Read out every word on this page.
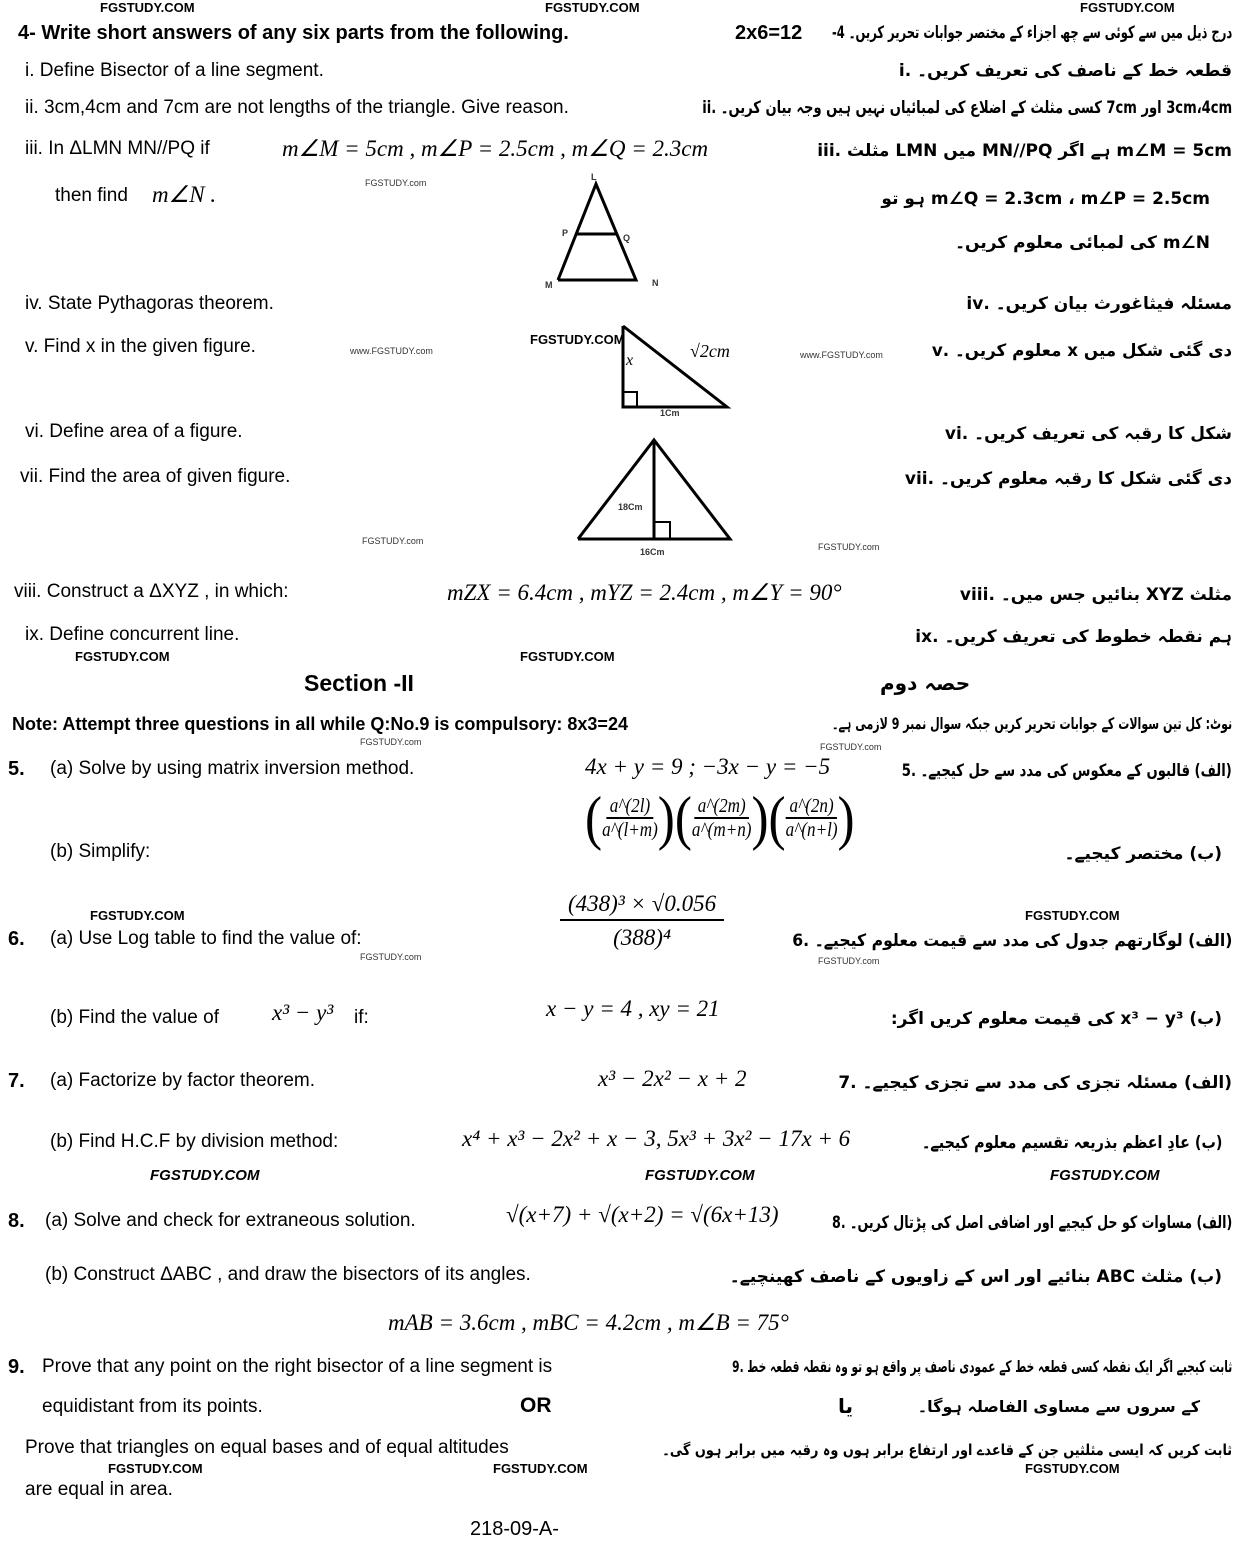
FGSTUDY.COM	FGSTUDY.COM	FGSTUDY.COM
4- Write short answers of any six parts from the following.	2x6=12 درج ذیل میں سے کوئی سے چھ اجزاء کے مختصر جوابات تحریر کریں۔ ‎-4
i. Define Bisector of a line segment.	قطعہ خط کے ناصف کی تعریف کریں۔ .i
ii. 3cm,4cm and 7cm are not lengths of the triangle. Give reason.	3cm،4cm اور 7cm کسی مثلث کے اضلاع کی لمبائیاں نہیں ہیں وجہ بیان کریں۔ .ii
iii. In ΔLMN MN//PQ if	m∠M = 5cm , m∠P = 2.5cm , m∠Q = 2.3cm	m∠M = 5cm ہے اگر MN//PQ میں LMN مثلث .iii
then find m∠N .	m∠Q = 2.3cm ، m∠P = 2.5cm ہو تو
m∠N کی لمبائی معلوم کریں۔
FGSTUDY.com
L
P	Q
M	N
iv. State Pythagoras theorem.	مسئلہ فیثاغورث بیان کریں۔ .iv
v. Find x in the given figure.	دی گئی شکل میں x معلوم کریں۔ .v
www.FGSTUDY.com	www.FGSTUDY.com
FGSTUDY.COM
x	√2cm
1Cm
vi. Define area of a figure.	شکل کا رقبہ کی تعریف کریں۔ .vi
vii. Find the area of given figure.	دی گئی شکل کا رقبہ معلوم کریں۔ .vii
18Cm
16Cm
FGSTUDY.com
FGSTUDY.com
viii. Construct a ΔXYZ , in which:	mZX = 6.4cm , mYZ = 2.4cm , m∠Y = 90°	مثلث XYZ بنائیں جس میں۔ .viii
ix. Define concurrent line.	ہم نقطہ خطوط کی تعریف کریں۔ .ix
FGSTUDY.COM	FGSTUDY.COM
Section -II	حصہ دوم
Note: Attempt three questions in all while Q:No.9 is compulsory: 8x3=24	نوٹ: کل تین سوالات کے جوابات تحریر کریں جبکہ سوال نمبر 9 لازمی ہے۔
FGSTUDY.com	FGSTUDY.com
5. (a) Solve by using matrix inversion method.	4x + y = 9 ; −3x − y = −5	(الف) قالبوں کے معکوس کی مدد سے حل کیجیے۔ .5
(b) Simplify:
( $\frac{a\^{}(2l)}{a\^{}(l+m)}$ )( $\frac{a\^{}(2m)}{a\^{}(m+n)}$ )( $\frac{a\^{}(2n)}{a\^{}(n+l)}$ )
(ب) مختصر کیجیے۔
FGSTUDY.COM	FGSTUDY.COM
6. (a) Use Log table to find the value of:	$\frac{\text{(438)³ × √0.056}}{\text{(388)⁴}}$	(الف) لوگارتھم جدول کی مدد سے قیمت معلوم کیجیے۔ .6
FGSTUDY.com	FGSTUDY.com
(b) Find the value of x³ − y³ if:	x − y = 4 , xy = 21	(ب) x³ − y³ کی قیمت معلوم کریں اگر:
7. (a) Factorize by factor theorem.	x³ − 2x² − x + 2	(الف) مسئلہ تجزی کی مدد سے تجزی کیجیے۔ .7
(b) Find H.C.F by division method:	x⁴ + x³ − 2x² + x − 3, 5x³ + 3x² − 17x + 6	(ب) عادِ اعظم بذریعہ تقسیم معلوم کیجیے۔
FGSTUDY.COM	FGSTUDY.COM	FGSTUDY.COM
8. (a) Solve and check for extraneous solution.	√(x+7) + √(x+2) = √(6x+13)	(الف) مساوات کو حل کیجیے اور اضافی اصل کی پڑتال کریں۔ .8
(b) Construct ΔABC , and draw the bisectors of its angles.	(ب) مثلث ABC بنائیے اور اس کے زاویوں کے ناصف کھینچیے۔
mAB = 3.6cm , mBC = 4.2cm , m∠B = 75°
9. Prove that any point on the right bisector of a line segment is	ثابت کیجیے اگر ایک نقطہ کسی قطعہ خط کے عمودی ناصف پر واقع ہو تو وہ نقطہ قطعہ خط .9
equidistant from its points.	OR	یا	کے سروں سے مساوی الفاصلہ ہوگا۔
Prove that triangles on equal bases and of equal altitudes	ثابت کریں کہ ایسی مثلثیں جن کے قاعدے اور ارتفاع برابر ہوں وہ رقبہ میں برابر ہوں گی۔
FGSTUDY.COM	FGSTUDY.COM	FGSTUDY.COM
are equal in area.
218-09-A-
